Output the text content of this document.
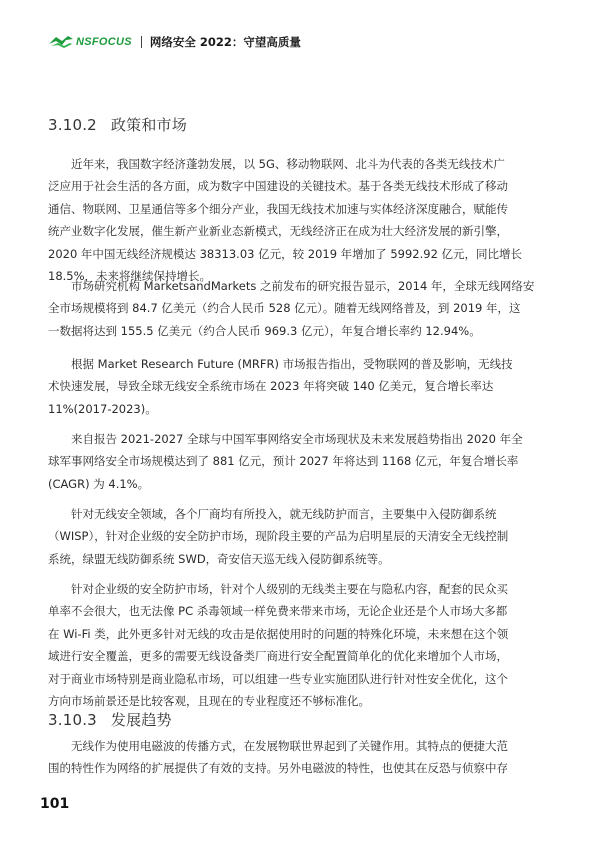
NSFOCUS 网络安全 2022：守望高质量
3.10.2 政策和市场
近年来，我国数字经济蓬勃发展，以 5G、移动物联网、北斗为代表的各类无线技术广
泛应用于社会生活的各方面，成为数字中国建设的关键技术。基于各类无线技术形成了移动
通信、物联网、卫星通信等多个细分产业，我国无线技术加速与实体经济深度融合，赋能传
统产业数字化发展，催生新产业新业态新模式，无线经济正在成为壮大经济发展的新引擎，
2020 年中国无线经济规模达 38313.03 亿元，较 2019 年增加了 5992.92 亿元，同比增长
18.5%，未来将继续保持增长。
市场研究机构 MarketsandMarkets 之前发布的研究报告显示，2014 年，全球无线网络安
全市场规模将到 84.7 亿美元（约合人民币 528 亿元）。随着无线网络普及，到 2019 年，这
一数据将达到 155.5 亿美元（约合人民币 969.3 亿元），年复合增长率约 12.94%。
根据 Market Research Future (MRFR) 市场报告指出，受物联网的普及影响，无线技
术快速发展，导致全球无线安全系统市场在 2023 年将突破 140 亿美元，复合增长率达
11%(2017-2023)。
来自报告 2021-2027 全球与中国军事网络安全市场现状及未来发展趋势指出 2020 年全
球军事网络安全市场规模达到了 881 亿元，预计 2027 年将达到 1168 亿元，年复合增长率
(CAGR) 为 4.1%。
针对无线安全领域，各个厂商均有所投入，就无线防护而言，主要集中入侵防御系统
（WISP），针对企业级的安全防护市场，现阶段主要的产品为启明星辰的天清安全无线控制
系统，绿盟无线防御系统 SWD，奇安信天巡无线入侵防御系统等。
针对企业级的安全防护市场，针对个人级别的无线类主要在与隐私内容，配套的民众买
单率不会很大，也无法像 PC 杀毒领域一样免费来带来市场，无论企业还是个人市场大多都
在 Wi-Fi 类，此外更多针对无线的攻击是依据使用时的问题的特殊化环境，未来想在这个领
域进行安全覆盖，更多的需要无线设备类厂商进行安全配置简单化的优化来增加个人市场，
对于商业市场特别是商业隐私市场，可以组建一些专业实施团队进行针对性安全优化，这个
方向市场前景还是比较客观，且现在的专业程度还不够标准化。
3.10.3 发展趋势
无线作为使用电磁波的传播方式，在发展物联世界起到了关键作用。其特点的便捷大范
围的特性作为网络的扩展提供了有效的支持。另外电磁波的特性，也使其在反恐与侦察中存
101
